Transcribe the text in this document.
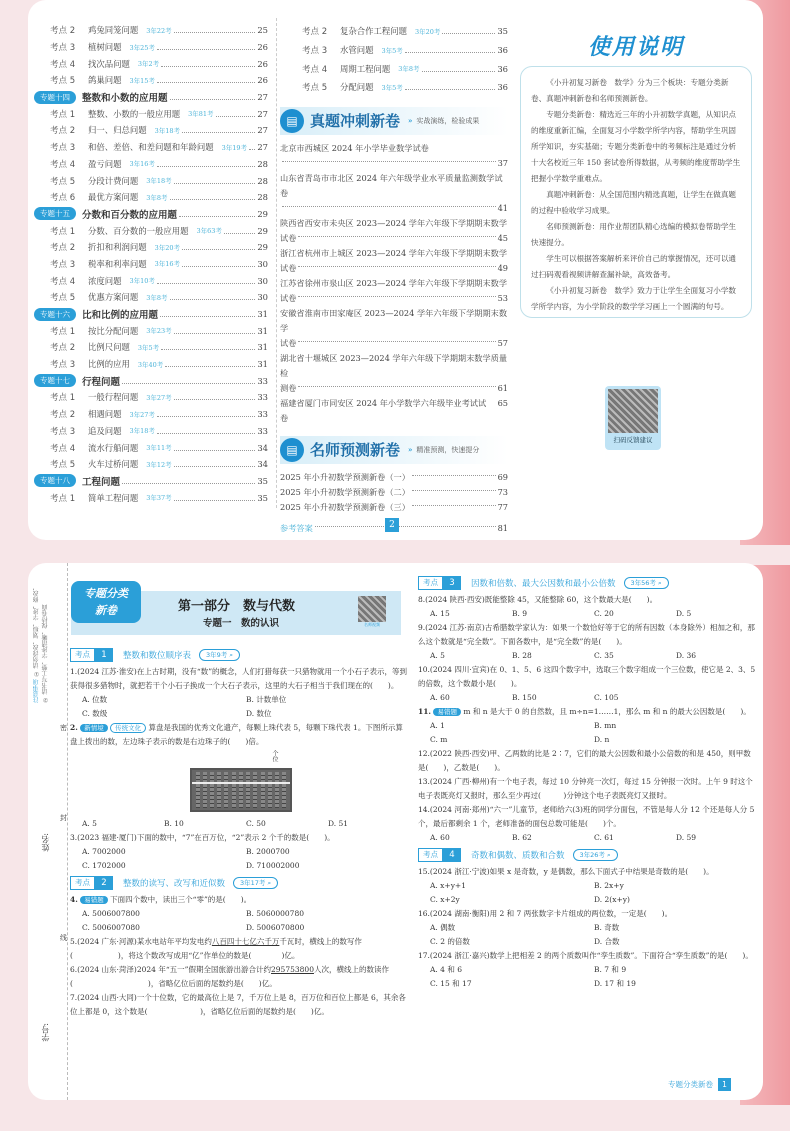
考点 2	鸡兔同笼问题 3年22考	25
考点 3	植树问题 3年25考	26
考点 4	找次品问题 3年2考	26
考点 5	鸽巢问题 3年15考	26
专题十四	整数和小数的应用题	27
考点 1	整数、小数的一般应用题 3年81考	27
考点 2	归一、归总问题 3年18考	27
考点 3	和倍、差倍、和差问题和年龄问题 3年19考 27
考点 4	盈亏问题 3年16考	28
考点 5	分段计费问题 3年18考	28
考点 6	最优方案问题 3年8考	28
专题十五	分数和百分数的应用题	29
考点 1	分数、百分数的一般应用题 3年63考	29
考点 2	折扣和利润问题 3年20考	29
考点 3	税率和利率问题 3年16考	30
考点 4	浓度问题 3年10考	30
考点 5	优惠方案问题 3年8考	30
专题十六	比和比例的应用题	31
考点 1	按比分配问题 3年23考	31
考点 2	比例尺问题 3年5考	31
考点 3	比例的应用 3年40考	31
专题十七	行程问题	33
考点 1	一般行程问题 3年27考	33
考点 2	相遇问题 3年27考	33
考点 3	追及问题 3年18考	33
考点 4	流水行船问题 3年11考	34
考点 5	火车过桥问题 3年12考	34
专题十八	工程问题	35
考点 1	简单工程问题 3年37考	35
考点 2	复杂合作工程问题 3年20考	35
考点 3	水管问题 3年5考	36
考点 4	周期工程问题 3年8考	36
考点 5	分配问题 3年5考	36
▤ 真题冲刺新卷 » 实战演练，检验成果
北京市西城区 2024 年小学毕业数学试卷
37
山东省青岛市市北区 2024 年六年级学业水平质量监测数学试卷
41
陕西省西安市未央区 2023—2024 学年六年级下学期期末数学
试卷	45
浙江省杭州市上城区 2023—2024 学年六年级下学期期末数学
试卷	49
江苏省徐州市泉山区 2023—2024 学年六年级下学期期末数学
试卷	53
安徽省淮南市田家庵区 2023—2024 学年六年级下学期期末数学
试卷	57
湖北省十堰城区 2023—2024 学年六年级下学期期末数学质量检
测卷	61
福建省厦门市同安区 2024 年小学数学六年级毕业考试试卷
65
▤ 名师预测新卷 » 精准预测，快速提分
2025 年小升初数学预测新卷（一）	69
2025 年小升初数学预测新卷（二）	73
2025 年小升初数学预测新卷（三）	77
参考答案	81
2
使用说明

《小升初复习新卷　数学》分为三个板块：专题分类新卷、真题冲刺新卷和名师预测新卷。

专题分类新卷：精选近三年的小升初数学真题，从知识点的维度重新汇编，全面复习小学数学所学内容，帮助学生巩固所学知识，夯实基础；专题分类新卷中的考频标注是通过分析十大名校近三年 150 套试卷所得数据，从考频的维度帮助学生把握小学数学重难点。

真题冲刺新卷：从全国范围内精选真题，让学生在做真题的过程中验收学习成果。

名师预测新卷：用作业帮团队精心选编的模拟卷帮助学生快速提分。

学生可以根据答案解析来评价自己的掌握情况，还可以通过扫码观看视频讲解查漏补缺，高效备考。

《小升初复习新卷　数学》致力于让学生全面复习小学数学所学内容，为小学阶段的数学学习画上一个圆满的句号。

扫码反馈建议
注意事项 ① 请勿涂改，划痕，字迹，修改， ② 请书写工整，字迹清晰，保持卷面
姓名:
学号:
密
封
线
专题分类
新卷	第一部分　数与代数
专题一　数的认识	名师视频
考点	1	整数和数位顺序表	3年9考 ⌕
1.(2024 江苏·淮安)在上古时期，没有“数”的概念，人们打猎每获一只猎物就用一个小石子表示，等到获得很多猎物时，就把若干个小石子换成一个大石子表示，这里的大石子相当于我们现在的(　　)。
A. 位数	B. 计数单位
C. 数级	D. 数位
2. 新情境 传统文化 算盘是我国的优秀文化遗产，每颗上珠代表 5，每颗下珠代表 1。下图所示算盘上拨出的数，左边珠子表示的数是右边珠子的(　　)倍。
个位
A. 5	B. 10	C. 50	D. 51
3.(2023 福建·厦门)下面的数中，“7”在百万位，“2”表示 2 个千的数是(　　)。
A. 7002000	B. 2000700
C. 1702000	D. 710002000
考点	2	整数的读写、改写和近似数	3年17考 ⌕
4. 易错题 下面四个数中，读出三个“零”的是(　　)。
A. 5006007800	B. 5060000780
C. 5006007080	D. 5006070800
5.(2024 广东·河源)某水电站年平均发电约八百四十七亿六千万千瓦时，横线上的数写作(　　　　　　)，将这个数改写成用“亿”作单位的数是(　　　　)亿。
6.(2024 山东·菏泽)2024 年“五一”假期全国旅游出游合计约295753800人次，横线上的数读作(　　　　　　　　　　)，省略亿位后面的尾数约是(　　)亿。
7.(2024 山西·大同)一个十位数，它的最高位上是 7，千万位上是 8，百万位和百位上都是 6，其余各位上都是 0，这个数是(　　　　　　　)，省略亿位后面的尾数约是(　　)亿。
考点	3	因数和倍数、最大公因数和最小公倍数	3年56考 ⌕
8.(2024 陕西·西安)既能整除 45，又能整除 60，这个数最大是(　　)。
A. 15	B. 9	C. 20	D. 5
9.(2024 江苏·南京)古希腊数学家认为：如果一个数恰好等于它的所有因数（本身除外）相加之和，那么这个数就是“完全数”。下面各数中，是“完全数”的是(　　)。
A. 5	B. 28	C. 35	D. 36
10.(2024 四川·宜宾)在 0、1、5、6 这四个数字中，选取三个数字组成一个三位数，使它是 2、3、5 的倍数，这个数最小是(　　)。
A. 60	B. 150	C. 105
11. 易错题 m 和 n 是大于 0 的自然数，且 m÷n=1……1，那么 m 和 n 的最大公因数是(　　)。
A. 1	B. mn
C. m	D. n
12.(2022 陕西·西安)甲、乙两数的比是 2∶7，它们的最大公因数和最小公倍数的和是 450，则甲数是(　　)，乙数是(　　)。
13.(2024 广西·柳州)有一个电子表，每过 10 分钟亮一次灯，每过 15 分钟报一次时。上午 9 时这个电子表既亮灯又报时，那么至少再过(　　　)分钟这个电子表既亮灯又报时。
14.(2024 河南·郑州)“六一”儿童节，老师给六(3)班的同学分面包，不管是每人分 12 个还是每人分 5 个，最后都剩余 1 个，老师准备的面包总数可能是(　　)个。
A. 60	B. 62	C. 61	D. 59
考点	4	奇数和偶数、质数和合数	3年26考 ⌕
15.(2024 浙江·宁波)如果 x 是奇数，y 是偶数，那么下面式子中结果是奇数的是(　　)。
A. x+y+1	B. 2x+y
C. x+2y	D. 2(x+y)
16.(2024 湖南·衡阳)用 2 和 7 两张数字卡片组成的两位数，一定是(　　)。
A. 偶数	B. 奇数
C. 2 的倍数	D. 合数
17.(2024 浙江·嘉兴)数学上把相差 2 的两个质数叫作“孪生质数”。下面符合“孪生质数”的是(　　)。
A. 4 和 6	B. 7 和 9
C. 15 和 17	D. 17 和 19
专题分类新卷	1
